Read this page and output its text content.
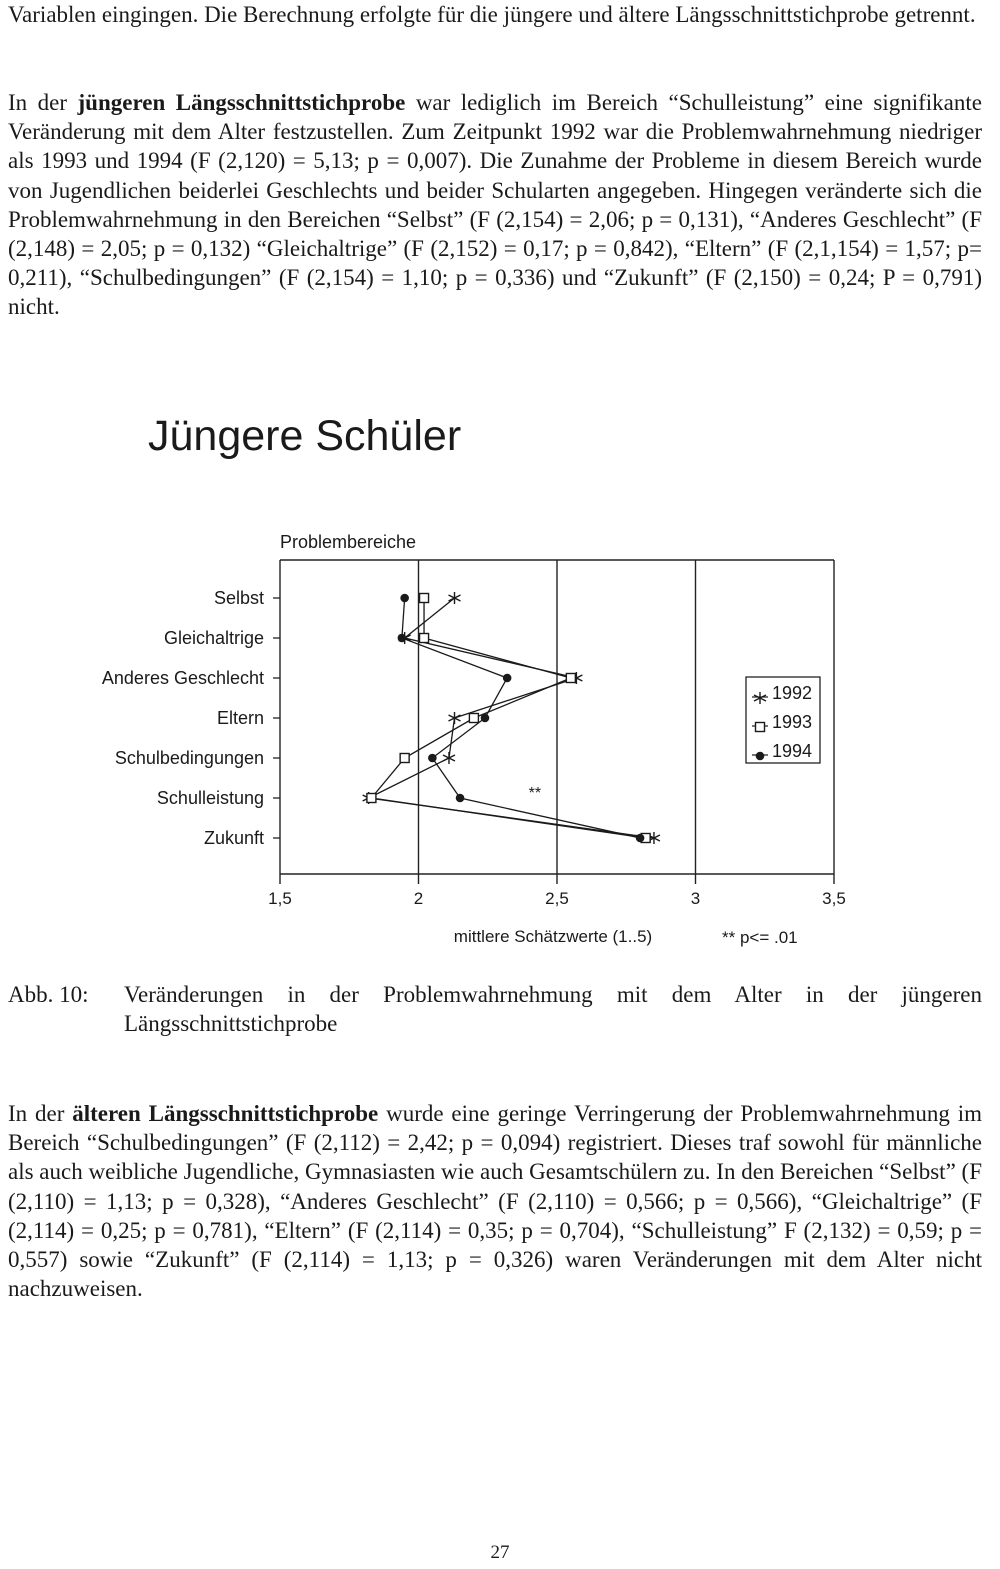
Variablen eingingen. Die Berechnung erfolgte für die jüngere und ältere Längsschnittstichprobe getrennt.

In der jüngeren Längsschnittstichprobe war lediglich im Bereich “Schulleistung” eine signifikante Veränderung mit dem Alter festzustellen. Zum Zeitpunkt 1992 war die Problemwahrnehmung niedriger als 1993 und 1994 (F (2,120) = 5,13; p = 0,007). Die Zunahme der Probleme in diesem Bereich wurde von Jugendlichen beiderlei Geschlechts und beider Schularten angegeben. Hingegen veränderte sich die Problemwahrnehmung in den Bereichen “Selbst” (F (2,154) = 2,06; p = 0,131), “Anderes Geschlecht” (F (2,148) = 2,05; p = 0,132) “Gleichaltrige” (F (2,152) = 0,17; p = 0,842), “Eltern” (F (2,1,154) = 1,57; p= 0,211), “Schulbedingungen” (F (2,154) = 1,10; p = 0,336) und “Zukunft” (F (2,150) = 0,24; P = 0,791) nicht.

Jüngere Schüler
Problembereiche
1,5	2	2,5	3	3,5
Selbst
Gleichaltrige
Anderes Geschlecht
Eltern
Schulbedingungen
Schulleistung
Zukunft
**
1992
1993
1994
mittlere Schätzwerte (1..5)	** p<= .01
Abb. 10: Veränderungen in der Problemwahrnehmung mit dem Alter in der jüngeren Längsschnittstichprobe

In der älteren Längsschnittstichprobe wurde eine geringe Verringerung der Problemwahrnehmung im Bereich “Schulbedingungen” (F (2,112) = 2,42; p = 0,094) registriert. Dieses traf sowohl für männliche als auch weibliche Jugendliche, Gymnasiasten wie auch Gesamtschülern zu. In den Bereichen “Selbst” (F (2,110) = 1,13; p = 0,328), “Anderes Geschlecht” (F (2,110) = 0,566; p = 0,566), “Gleichaltrige” (F (2,114) = 0,25; p = 0,781), “Eltern” (F (2,114) = 0,35; p = 0,704), “Schulleistung” F (2,132) = 0,59; p = 0,557) sowie “Zukunft” (F (2,114) = 1,13; p = 0,326) waren Veränderungen mit dem Alter nicht nachzuweisen.

27
